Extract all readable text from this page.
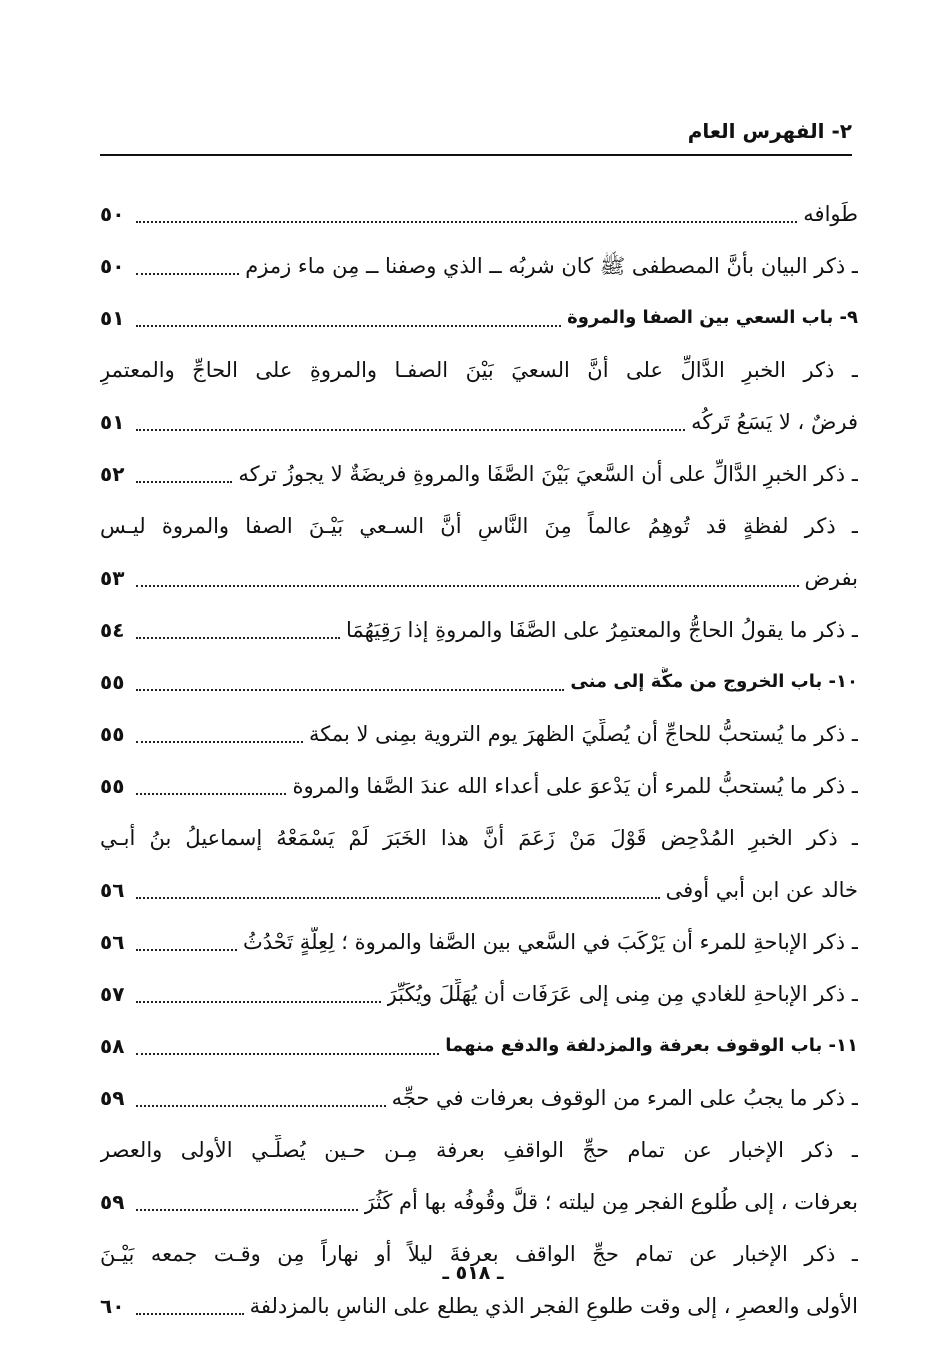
٢- الفهرس العام
طَوافه
٥٠
ـ ذكر البيان بأنَّ المصطفى ﷺ كان شربُه ــ الذي وصفنا ــ مِن ماء زمزم
٥٠
٩- باب السعي بين الصفا والمروة
٥١
ـ ذكر الخبرِ الدَّالِّ على أنَّ السعيَ بَيْنَ الصفـا والمروةِ على الحاجِّ والمعتمرِ
فرضٌ ، لا يَسَعُ تَركُه
٥١
ـ ذكر الخبرِ الدَّالِّ على أن السَّعيَ بَيْنَ الصَّفَا والمروةِ فريضَةٌ لا يجوزُ تركه
٥٢
ـ ذكر لفظةٍ قد تُوهِمُ عالماً مِنَ النَّاسِ أنَّ السـعي بَيْـنَ الصفا والمروة ليـس
بفرض
٥٣
ـ ذكر ما يقولُ الحاجُّ والمعتمِرُ على الصَّفَا والمروةِ إذا رَقِيَهُمَا
٥٤
١٠- باب الخروج من مكَّة إلى منى
٥٥
ـ ذكر ما يُستحبُّ للحاجِّ أن يُصلِّيَ الظهرَ يوم التروية بمِنى لا بمكة
٥٥
ـ ذكر ما يُستحبُّ للمرء أن يَدْعوَ على أعداء الله عندَ الصَّفا والمروة
٥٥
ـ ذكر الخبرِ المُدْحِض قَوْلَ مَنْ زَعَمَ أنَّ هذا الخَبَرَ لَمْ يَسْمَعْهُ إسماعيلُ بنُ أبـي
خالد عن ابن أبي أوفى
٥٦
ـ ذكر الإباحةِ للمرء أن يَرْكَبَ في السَّعي بين الصَّفا والمروة ؛ لِعِلَّةٍ تَحْدُثُ
٥٦
ـ ذكر الإباحةِ للغادي مِن مِنى إلى عَرَفَات أن يُهَلِّلَ ويُكَبِّرَ
٥٧
١١- باب الوقوف بعرفة والمزدلفة والدفع منهما
٥٨
ـ ذكر ما يجبُ على المرء من الوقوف بعرفات في حجِّه
٥٩
ـ ذكر الإخبار عن تمام حجِّ الواقفِ بعرفة مِـن حـين يُصلِّـي الأولى والعصر
بعرفات ، إلى طُلوع الفجر مِن ليلته ؛ قلَّ وقُوفُه بها أم كَثُرَ
٥٩
ـ ذكر الإخبار عن تمام حجِّ الواقف بعرفةَ ليلاً أو نهاراً مِن وقـت جمعه بَيْـنَ
الأولى والعصرِ ، إلى وقت طلوعِ الفجر الذي يطلع على الناسِ بالمزدلفة
٦٠
ـ ٥١٨ ـ
